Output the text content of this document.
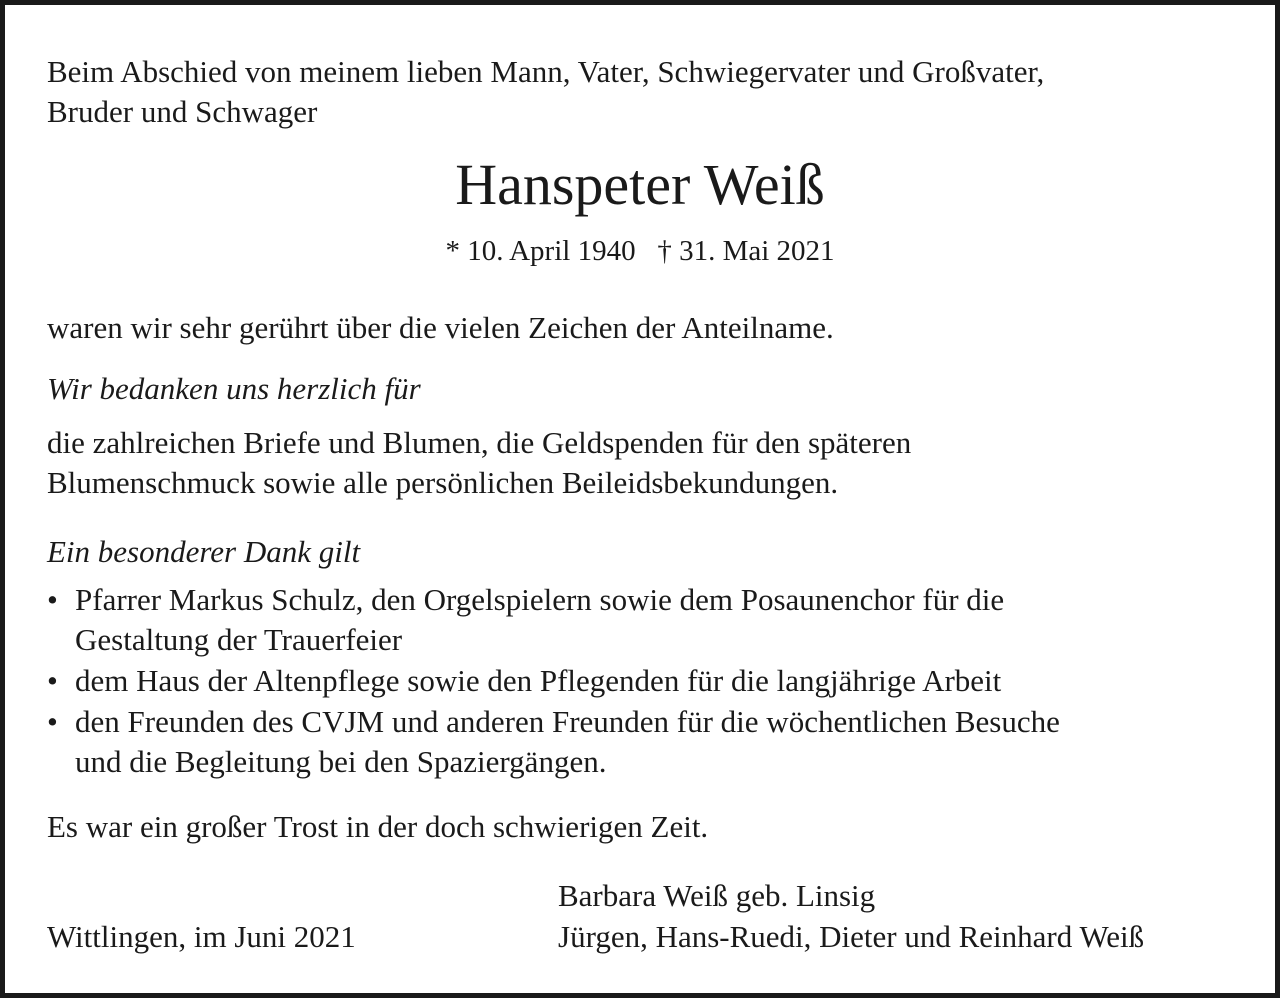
Beim Abschied von meinem lieben Mann, Vater, Schwiegervater und Großvater,
Bruder und Schwager
Hanspeter Weiß
* 10. April 1940 † 31. Mai 2021
waren wir sehr gerührt über die vielen Zeichen der Anteilname.
Wir bedanken uns herzlich für
die zahlreichen Briefe und Blumen, die Geldspenden für den späteren
Blumenschmuck sowie alle persönlichen Beileidsbekundungen.
Ein besonderer Dank gilt
• Pfarrer Markus Schulz, den Orgelspielern sowie dem Posaunenchor für die
Gestaltung der Trauerfeier
• dem Haus der Altenpflege sowie den Pflegenden für die langjährige Arbeit
• den Freunden des CVJM und anderen Freunden für die wöchentlichen Besuche
und die Begleitung bei den Spaziergängen.
Es war ein großer Trost in der doch schwierigen Zeit.
Barbara Weiß geb. Linsig
Wittlingen, im Juni 2021	Jürgen, Hans-Ruedi, Dieter und Reinhard Weiß
